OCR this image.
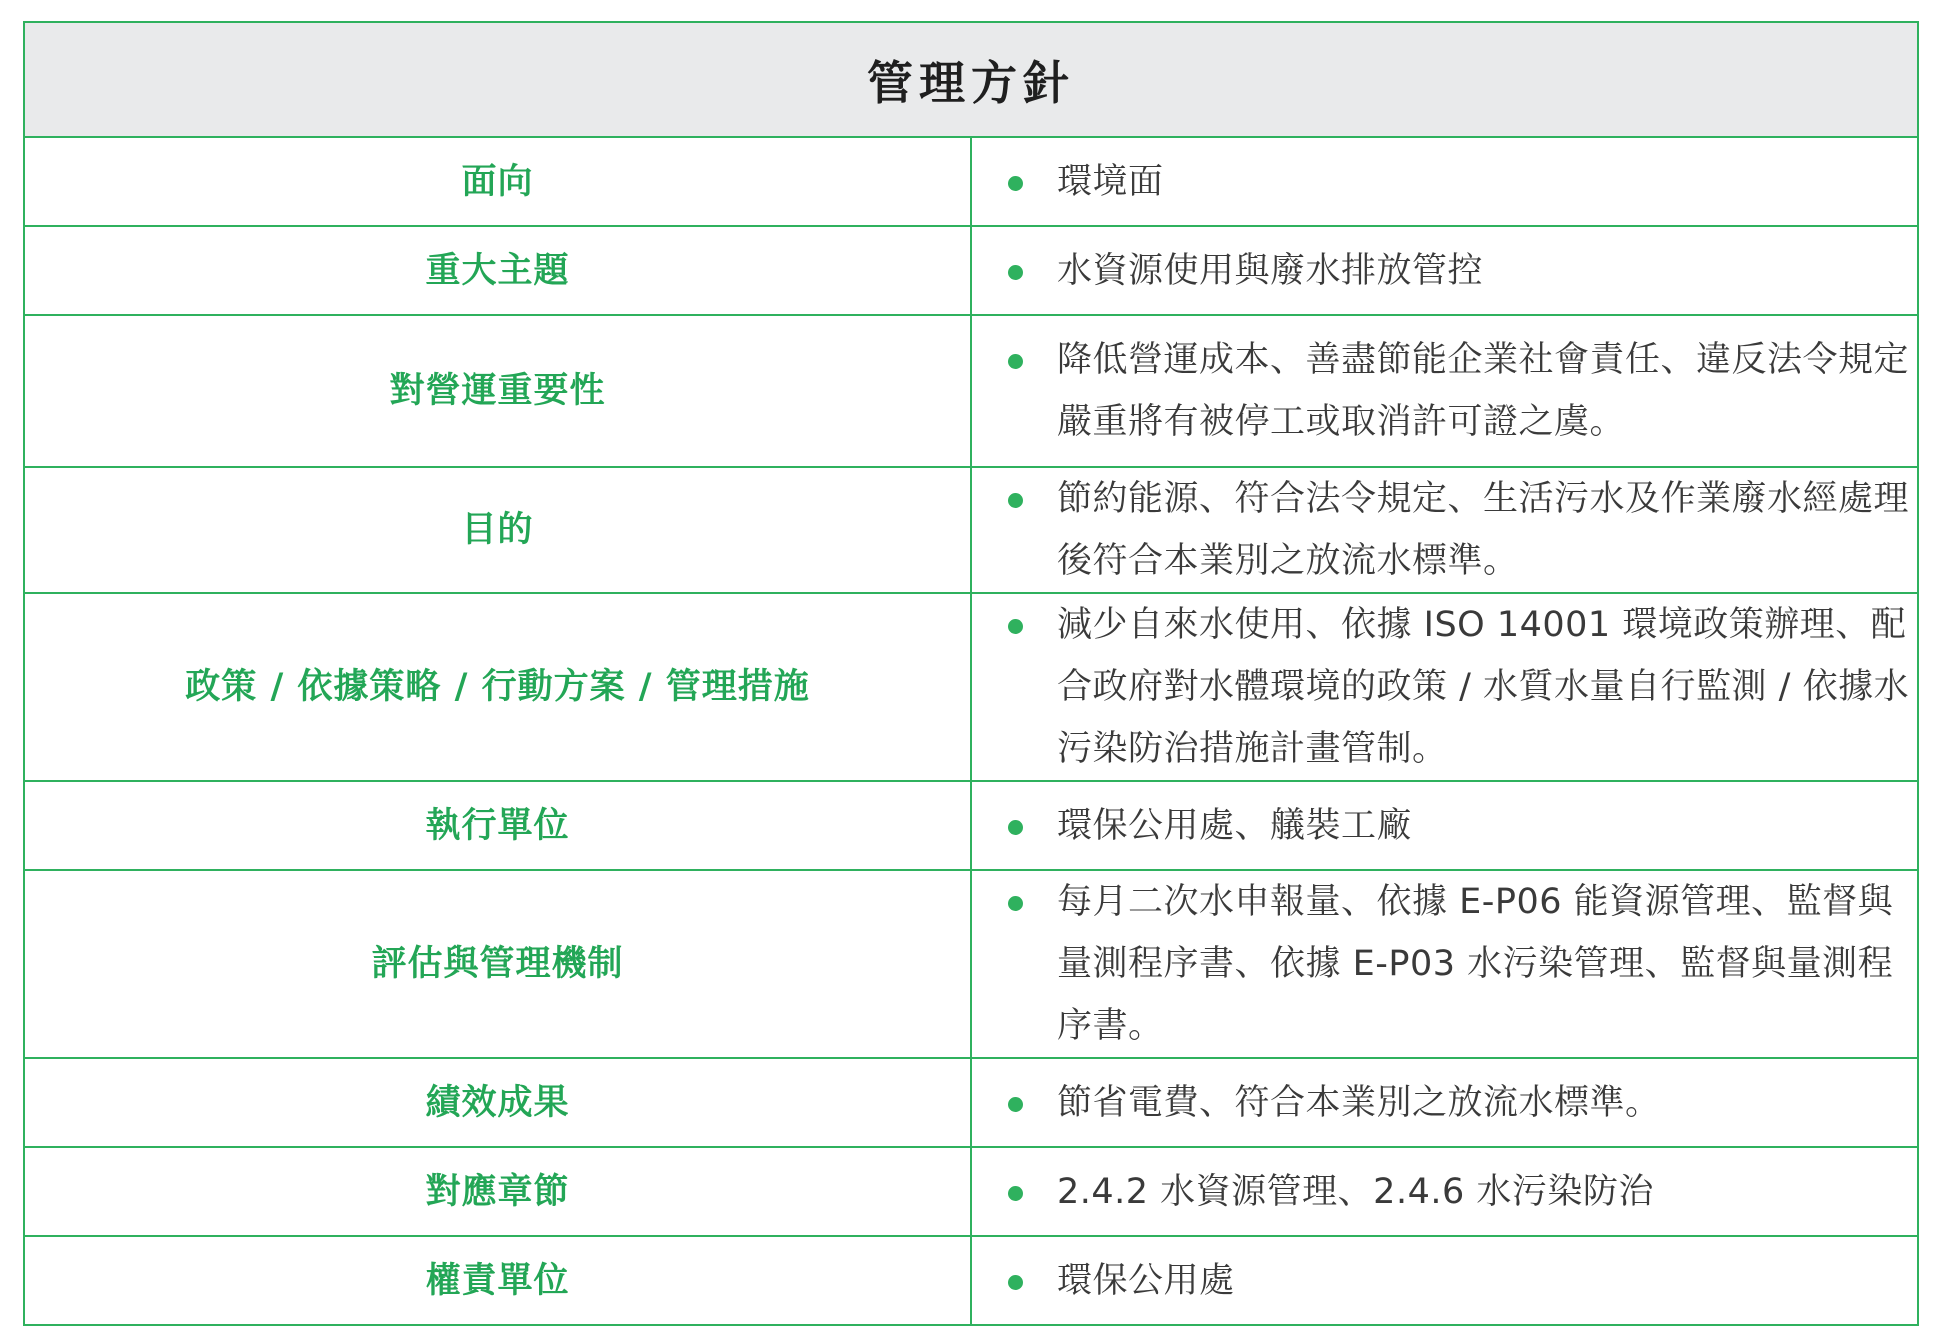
管理方針	
面向	環境面

重大主題	水資源使用與廢水排放管控

對營運重要性	降低營運成本、善盡節能企業社會責任、違反法令規定嚴重將有被停工或取消許可證之虞。

目的	節約能源、符合法令規定、生活污水及作業廢水經處理後符合本業別之放流水標準。

政策 / 依據策略 / 行動方案 / 管理措施	減少自來水使用、依據 ISO 14001 環境政策辦理、配合政府對水體環境的政策 / 水質水量自行監測 / 依據水污染防治措施計畫管制。

執行單位	環保公用處、艤裝工廠

評估與管理機制	每月二次水申報量、依據 E-P06 能資源管理、監督與量測程序書、依據 E-P03 水污染管理、監督與量測程序書。

績效成果	節省電費、符合本業別之放流水標準。

對應章節	2.4.2 水資源管理、2.4.6 水污染防治

權責單位	環保公用處
